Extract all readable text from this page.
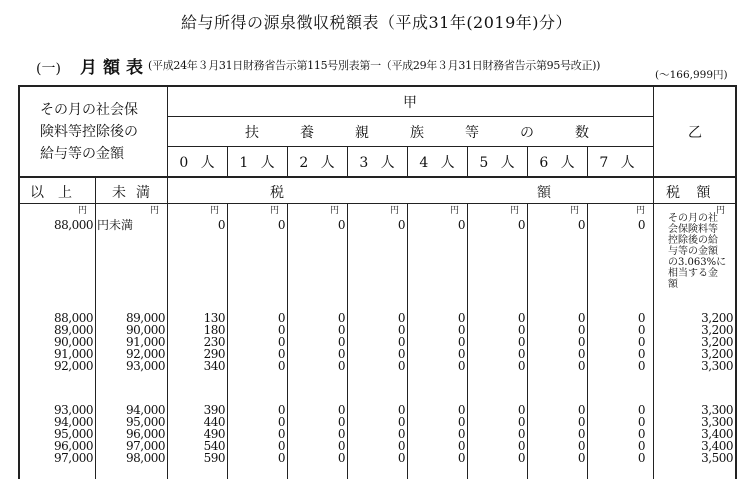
給与所得の源泉徴収税額表（平成31年(2019年)分）
(一) 月額表 (平成24年３月31日財務省告示第115号別表第一（平成29年３月31日財務省告示第95号改正))
(～166,999円)
その月の社会保
険料等控除後の
給与等の金額
甲
扶	養	親	族	等	の	数	乙
0 人	1 人	2 人	3 人	4 人	5 人	6 人	7 人
以上 未満	税	額	税 額
円	円	円	円	円	円	円	円	円	円	円
その月の社
会保険料等
控除後の給
与等の金額
の3.063%に
相当する金
額
88,000 円未満	0	0	0	0	0	0	0	0
88,000	89,000	130	0	0	0	0	0	0	0	3,200
89,000	90,000	180	0	0	0	0	0	0	0	3,200
90,000	91,000	230	0	0	0	0	0	0	0	3,200
91,000	92,000	290	0	0	0	0	0	0	0	3,200
92,000	93,000	340	0	0	0	0	0	0	0	3,300
93,000	94,000	390	0	0	0	0	0	0	0	3,300
94,000	95,000	440	0	0	0	0	0	0	0	3,300
95,000	96,000	490	0	0	0	0	0	0	0	3,400
96,000	97,000	540	0	0	0	0	0	0	0	3,400
97,000	98,000	590	0	0	0	0	0	0	0	3,500
